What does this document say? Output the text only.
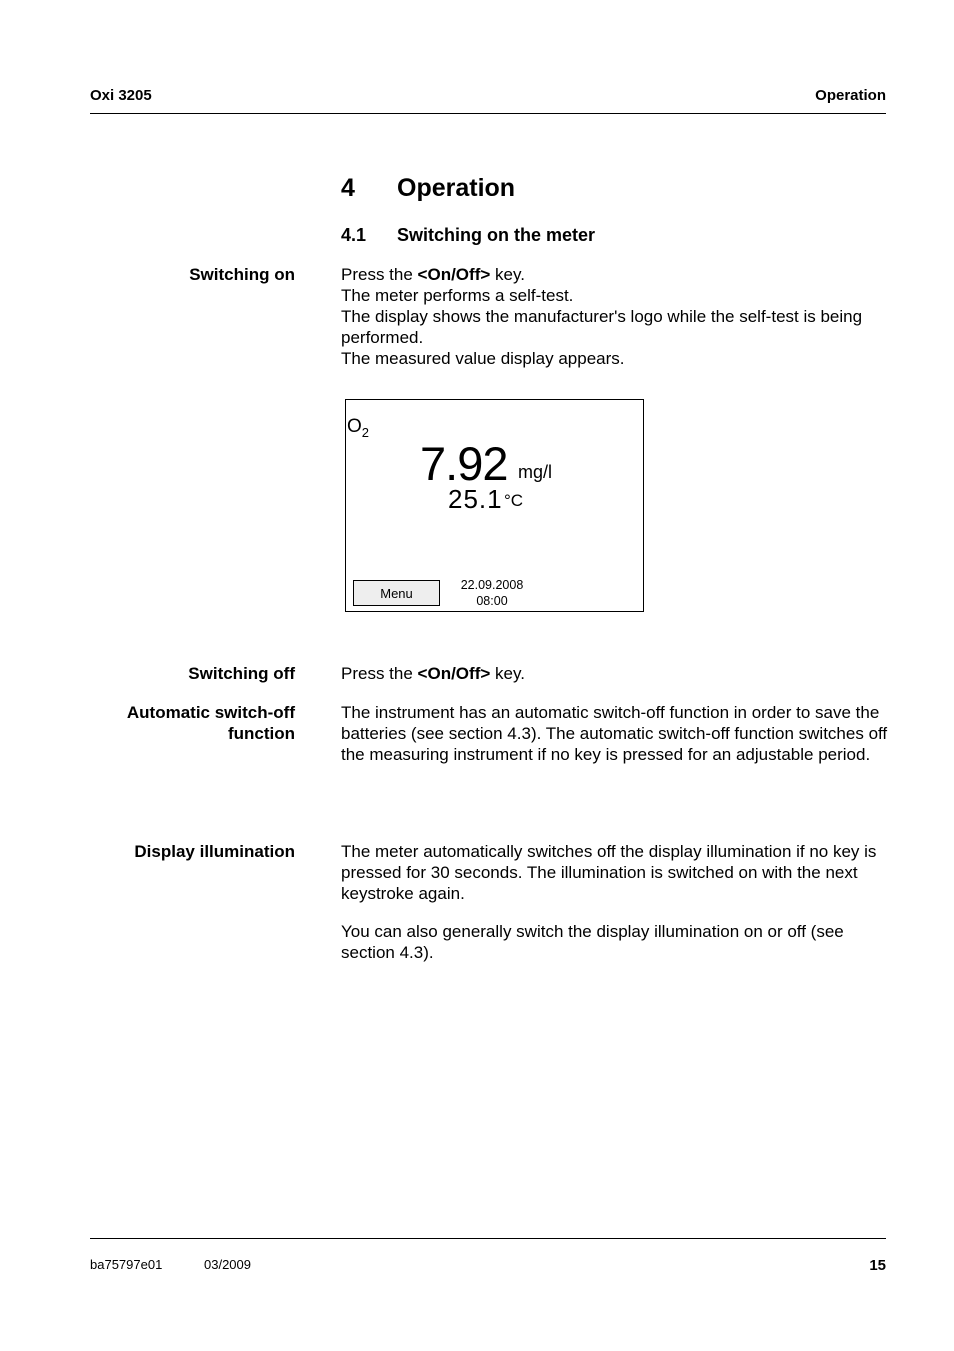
Oxi 3205	Operation
4 Operation
4.1 Switching on the meter
Switching on	Press the <On/Off> key.

The meter performs a self-test.

The display shows the manufacturer's logo while the self-test is being performed.

The measured value display appears.

$O_2$
7.92 mg/l
25.1 °C
Menu
22.09.2008
08:00
Switching off	Press the <On/Off> key.
Automatic switch-off
function
The instrument has an automatic switch-off function in order to save the batteries (see section 4.3). The automatic switch-off function switches off the measuring instrument if no key is pressed for an adjustable period.
Display illumination	The meter automatically switches off the display illumination if no key is pressed for 30 seconds. The illumination is switched on with the next keystroke again.

You can also generally switch the display illumination on or off (see section 4.3).

ba75797e01	03/2009	15
